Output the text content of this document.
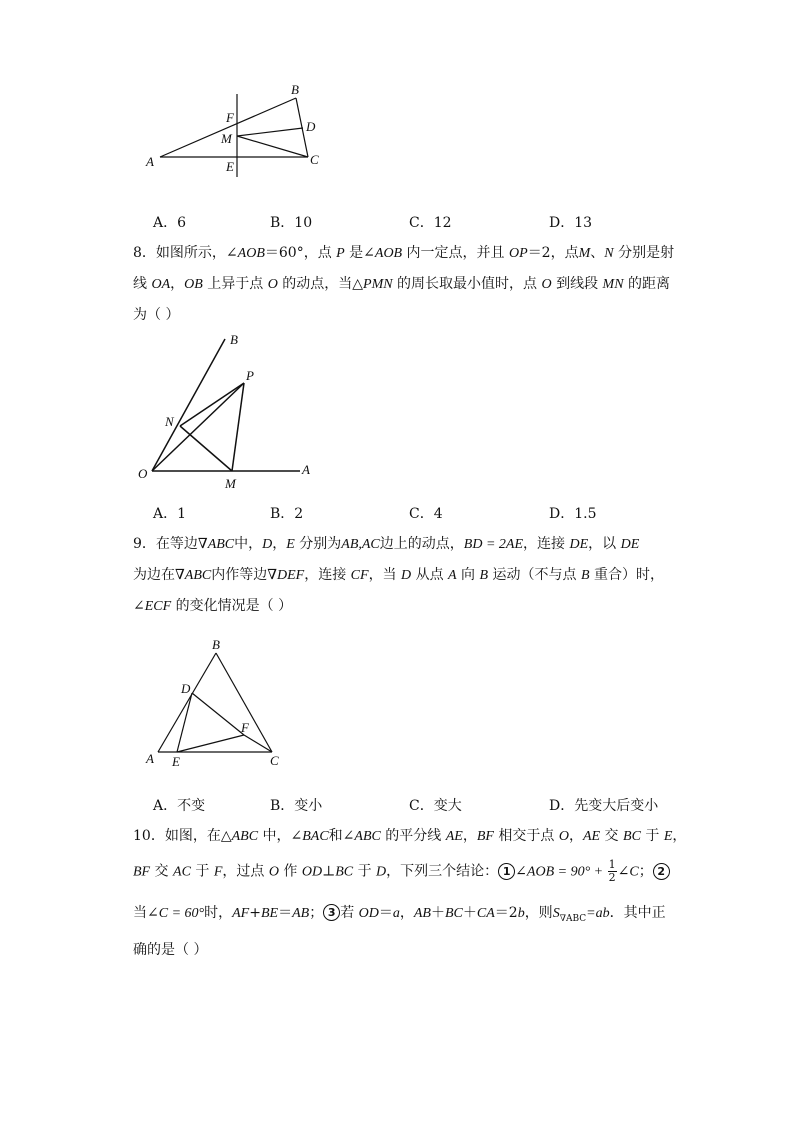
A
B
C
D
E
F
M
A．6	B．10	C．12	D．13
8．如图所示，∠AOB＝60°，点 P 是∠AOB 内一定点，并且 OP＝2，点M、N 分别是射
线 OA，OB 上异于点 O 的动点，当△PMN 的周长取最小值时，点 O 到线段 MN 的距离
为（ ）
B
P
N
O
M
A
A．1	B．2	C．4	D．1.5
9．在等边∇ABC中，D，E 分别为AB,AC边上的动点，BD = 2AE，连接 DE，以 DE
为边在∇ABC内作等边∇DEF，连接 CF，当 D 从点 A 向 B 运动（不与点 B 重合）时，
∠ECF 的变化情况是（ ）
B
D
F
A E	C
A．不变	B．变小	C．变大	D．先变大后变小
10．如图，在△ABC 中，∠BAC和∠ABC 的平分线 AE，BF 相交于点 O，AE 交 BC 于 E，
BF 交 AC 于 F，过点 O 作 OD⊥BC 于 D，下列三个结论： 1 ∠AOB = $90^\circ + \frac{1}{2}$ ∠C； 2
当∠C = 60°时，AF+BE＝AB； 3 若 OD＝a，AB＋BC＋CA＝2b，则$S_{\nabla ABC}=ab$．其中正
确的是（ ）
